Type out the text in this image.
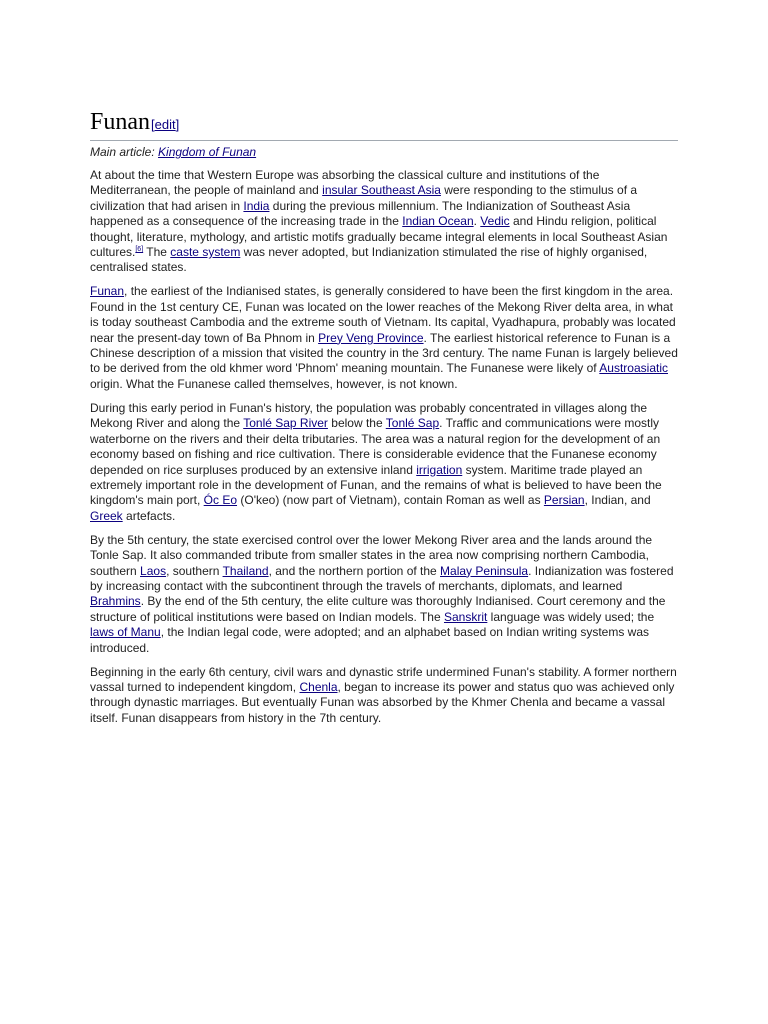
Funan[edit]
Main article: Kingdom of Funan

At about the time that Western Europe was absorbing the classical culture and institutions of the Mediterranean, the people of mainland and insular Southeast Asia were responding to the stimulus of a civilization that had arisen in India during the previous millennium. The Indianization of Southeast Asia happened as a consequence of the increasing trade in the Indian Ocean. Vedic and Hindu religion, political thought, literature, mythology, and artistic motifs gradually became integral elements in local Southeast Asian cultures.[6] The caste system was never adopted, but Indianization stimulated the rise of highly organised, centralised states.

Funan, the earliest of the Indianised states, is generally considered to have been the first kingdom in the area. Found in the 1st century CE, Funan was located on the lower reaches of the Mekong River delta area, in what is today southeast Cambodia and the extreme south of Vietnam. Its capital, Vyadhapura, probably was located near the present-day town of Ba Phnom in Prey Veng Province. The earliest historical reference to Funan is a Chinese description of a mission that visited the country in the 3rd century. The name Funan is largely believed to be derived from the old khmer word 'Phnom' meaning mountain. The Funanese were likely of Austroasiatic origin. What the Funanese called themselves, however, is not known.

During this early period in Funan's history, the population was probably concentrated in villages along the Mekong River and along the Tonlé Sap River below the Tonlé Sap. Traffic and communications were mostly waterborne on the rivers and their delta tributaries. The area was a natural region for the development of an economy based on fishing and rice cultivation. There is considerable evidence that the Funanese economy depended on rice surpluses produced by an extensive inland irrigation system. Maritime trade played an extremely important role in the development of Funan, and the remains of what is believed to have been the kingdom's main port, Óc Eo (O'keo) (now part of Vietnam), contain Roman as well as Persian, Indian, and Greek artefacts.

By the 5th century, the state exercised control over the lower Mekong River area and the lands around the Tonle Sap. It also commanded tribute from smaller states in the area now comprising northern Cambodia, southern Laos, southern Thailand, and the northern portion of the Malay Peninsula. Indianization was fostered by increasing contact with the subcontinent through the travels of merchants, diplomats, and learned Brahmins. By the end of the 5th century, the elite culture was thoroughly Indianised. Court ceremony and the structure of political institutions were based on Indian models. The Sanskrit language was widely used; the laws of Manu, the Indian legal code, were adopted; and an alphabet based on Indian writing systems was introduced.

Beginning in the early 6th century, civil wars and dynastic strife undermined Funan's stability. A former northern vassal turned to independent kingdom, Chenla, began to increase its power and status quo was achieved only through dynastic marriages. But eventually Funan was absorbed by the Khmer Chenla and became a vassal itself. Funan disappears from history in the 7th century.
